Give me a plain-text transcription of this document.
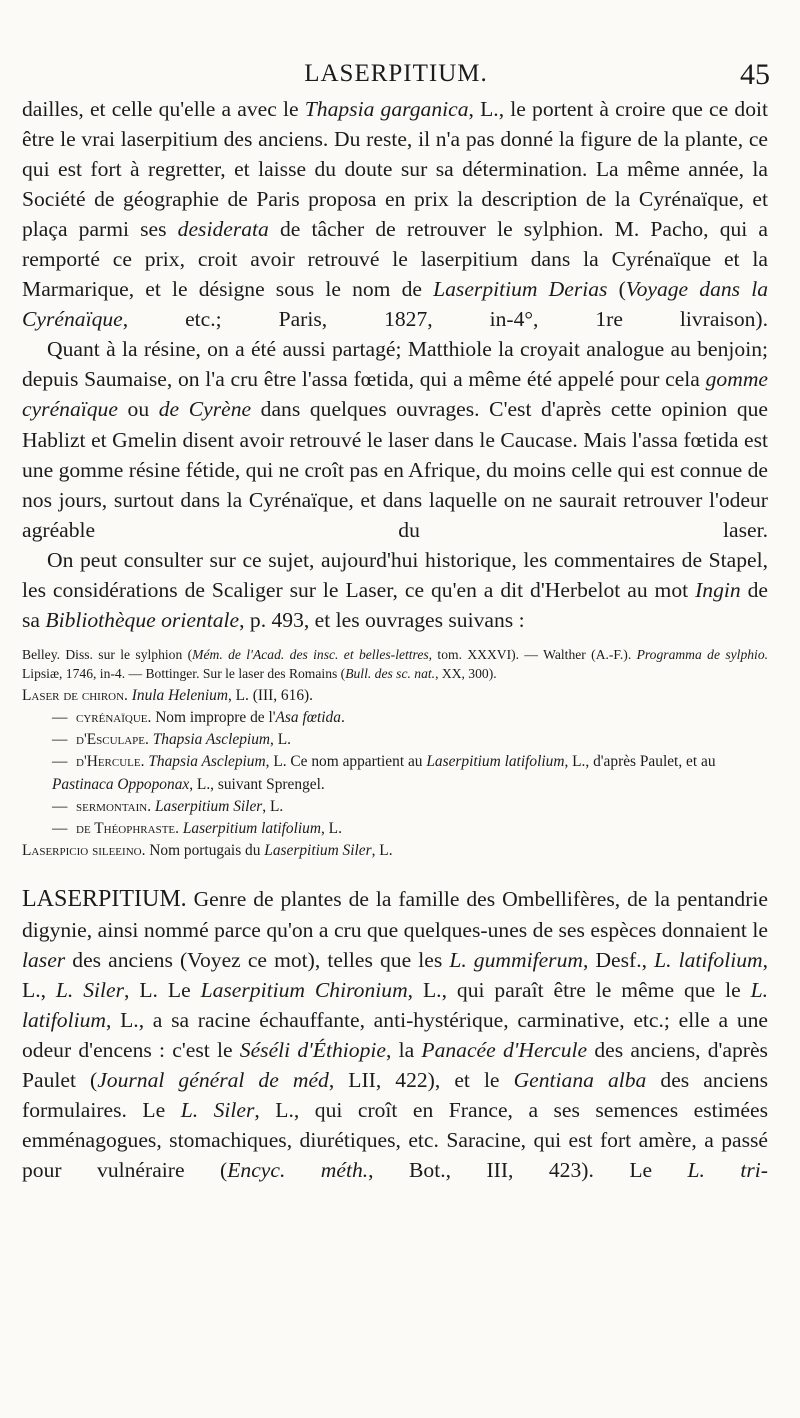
LASERPITIUM.	45

dailles, et celle qu'elle a avec le Thapsia garganica, L., le portent à croire que ce doit être le vrai laserpitium des anciens. Du reste, il n'a pas donné la figure de la plante, ce qui est fort à regretter, et laisse du doute sur sa détermination. La même année, la Société de géographie de Paris proposa en prix la description de la Cyrénaïque, et plaça parmi ses desiderata de tâcher de retrouver le sylphion. M. Pacho, qui a remporté ce prix, croit avoir retrouvé le laserpitium dans la Cyrénaïque et la Marmarique, et le désigne sous le nom de Laserpitium Derias (Voyage dans la Cyrénaïque, etc.; Paris, 1827, in-4°, 1re livraison).

Quant à la résine, on a été aussi partagé; Matthiole la croyait analogue au benjoin; depuis Saumaise, on l'a cru être l'assa fœtida, qui a même été appelé pour cela gomme cyrénaïque ou de Cyrène dans quelques ouvrages. C'est d'après cette opinion que Hablizt et Gmelin disent avoir retrouvé le laser dans le Caucase. Mais l'assa fœtida est une gomme résine fétide, qui ne croît pas en Afrique, du moins celle qui est connue de nos jours, surtout dans la Cyrénaïque, et dans laquelle on ne saurait retrouver l'odeur agréable du laser.

On peut consulter sur ce sujet, aujourd'hui historique, les commentaires de Stapel, les considérations de Scaliger sur le Laser, ce qu'en a dit d'Herbelot au mot Ingin de sa Bibliothèque orientale, p. 493, et les ouvrages suivans :

Belley. Diss. sur le sylphion (Mém. de l'Acad. des insc. et belles-lettres, tom. XXXVI). — Walther (A.-F.). Programma de sylphio. Lipsiæ, 1746, in-4. — Bottinger. Sur le laser des Romains (Bull. des sc. nat., XX, 300).

Laser de chiron. Inula Helenium, L. (III, 616).

— cyrénaïque. Nom impropre de l'Asa fœtida.

— d'Esculape. Thapsia Asclepium, L.

— d'Hercule. Thapsia Asclepium, L. Ce nom appartient au Laserpitium latifolium, L., d'après Paulet, et au Pastinaca Oppoponax, L., suivant Sprengel.

— sermontain. Laserpitium Siler, L.

— de Théophraste. Laserpitium latifolium, L.

Laserpicio sileeino. Nom portugais du Laserpitium Siler, L.

LASERPITIUM. Genre de plantes de la famille des Ombellifères, de la pentandrie digynie, ainsi nommé parce qu'on a cru que quelques-unes de ses espèces donnaient le laser des anciens (Voyez ce mot), telles que les L. gummiferum, Desf., L. latifolium, L., L. Siler, L. Le Laserpitium Chironium, L., qui paraît être le même que le L. latifolium, L., a sa racine échauffante, anti-hystérique, carminative, etc.; elle a une odeur d'encens : c'est le Séséli d'Éthiopie, la Panacée d'Hercule des anciens, d'après Paulet (Journal général de méd, LII, 422), et le Gentiana alba des anciens formulaires. Le L. Siler, L., qui croît en France, a ses semences estimées emménagogues, stomachiques, diurétiques, etc. Saracine, qui est fort amère, a passé pour vulnéraire (Encyc. méth., Bot., III, 423). Le L. tri-
